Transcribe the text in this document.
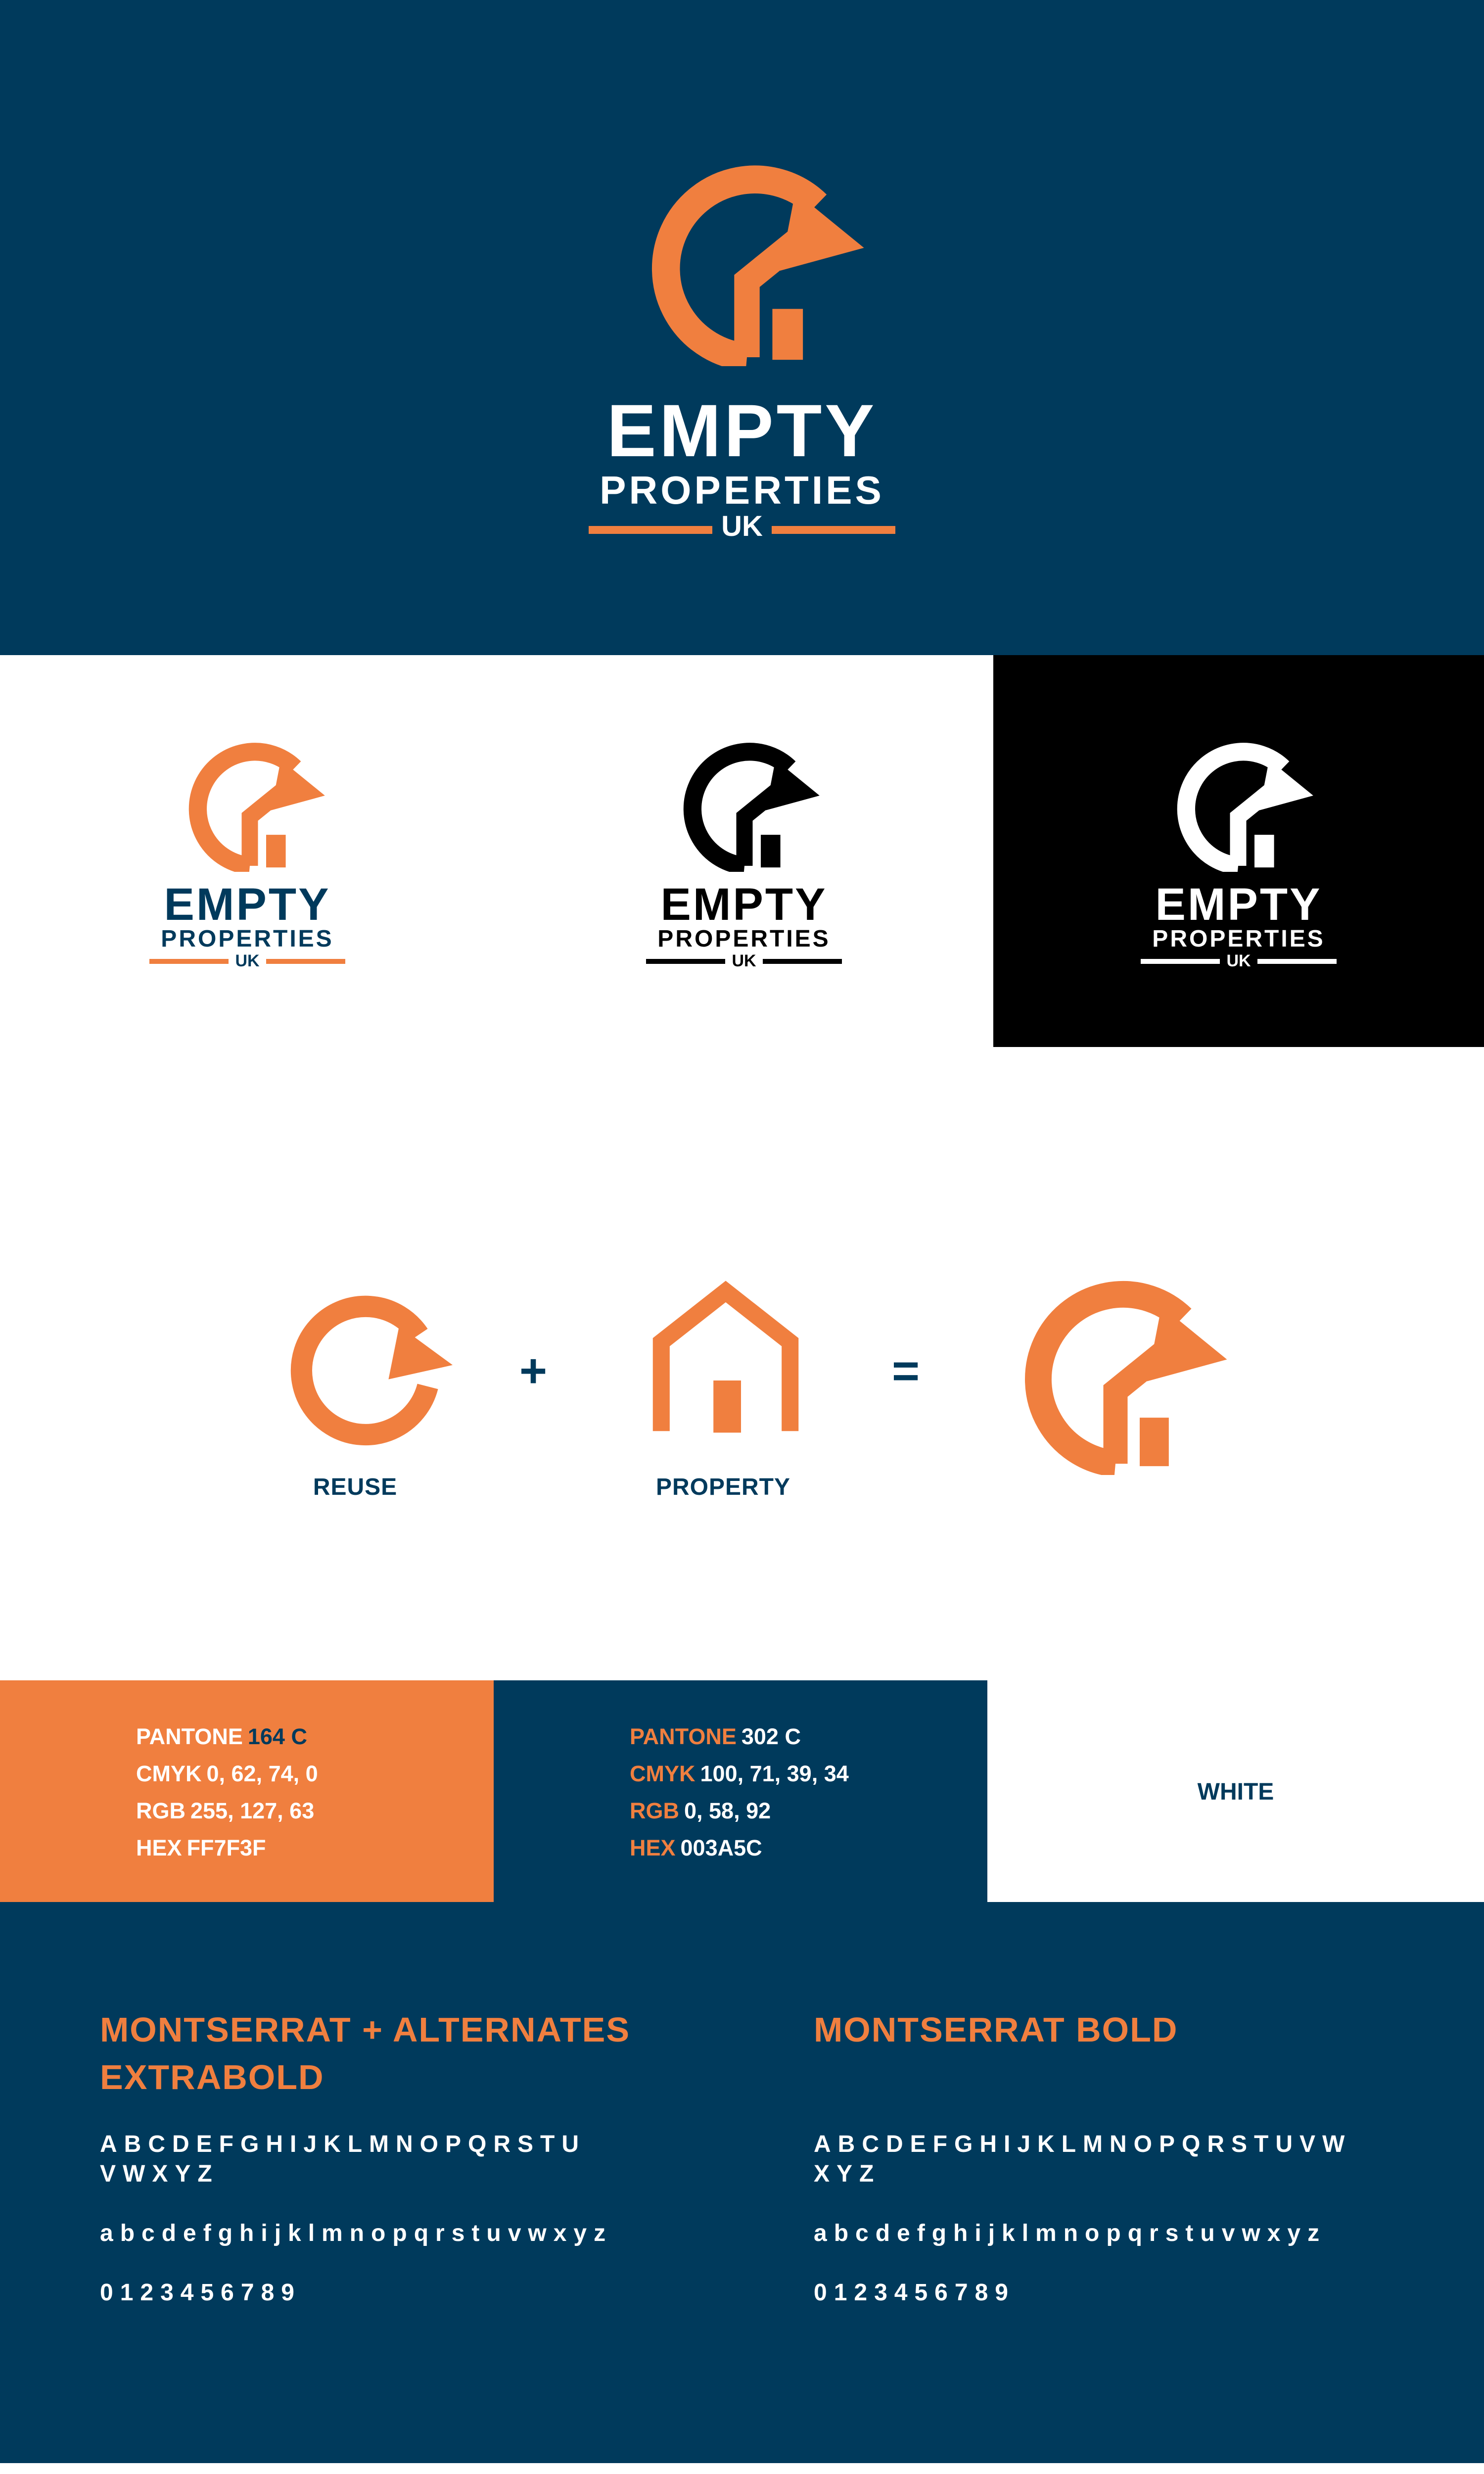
EMPTY
PROPERTIES
UK
EMPTY
PROPERTIES
UK
EMPTY
PROPERTIES
UK
EMPTY
PROPERTIES
UK
+	=
REUSE	PROPERTY
PANTONE 164 C
CMYK 0, 62, 74, 0
RGB 255, 127, 63
HEX FF7F3F
PANTONE 302 C
CMYK 100, 71, 39, 34
RGB 0, 58, 92
HEX 003A5C
WHITE
MONTSERRAT + ALTERNATES
EXTRABOLD
ABCDEFGHIJKLMNOPQRSTU
VWXYZ
abcdefghijklmnopqrstuvwxyz
0123456789
MONTSERRAT BOLD
ABCDEFGHIJKLMNOPQRSTUVW
XYZ
abcdefghijklmnopqrstuvwxyz
0123456789
